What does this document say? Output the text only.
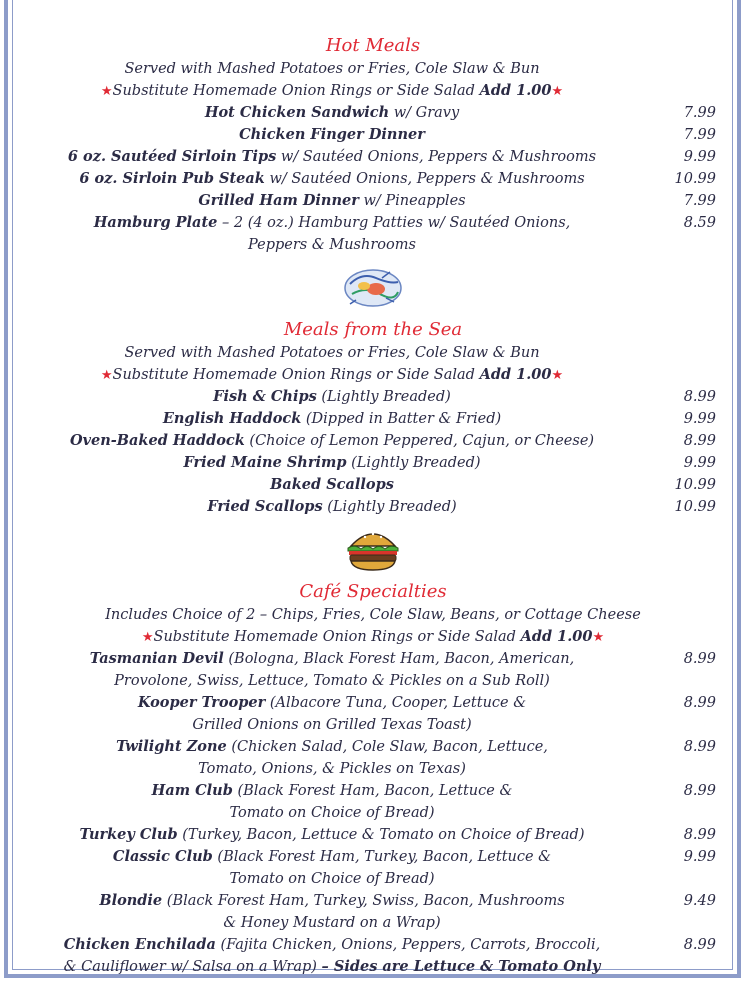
Hot Meals
Served with Mashed Potatoes or Fries, Cole Slaw & Bun
★Substitute Homemade Onion Rings or Side Salad Add 1.00★
Hot Chicken Sandwich w/ Gravy	7.99
Chicken Finger Dinner	7.99
6 oz. Sautéed Sirloin Tips w/ Sautéed Onions, Peppers & Mushrooms	9.99
6 oz. Sirloin Pub Steak w/ Sautéed Onions, Peppers & Mushrooms	10.99
Grilled Ham Dinner w/ Pineapples	7.99
Hamburg Plate – 2 (4 oz.) Hamburg Patties w/ Sautéed Onions,	8.59
Peppers & Mushrooms
Meals from the Sea
Served with Mashed Potatoes or Fries, Cole Slaw & Bun
★Substitute Homemade Onion Rings or Side Salad Add 1.00★
Fish & Chips (Lightly Breaded)	8.99
English Haddock (Dipped in Batter & Fried)	9.99
Oven-Baked Haddock (Choice of Lemon Peppered, Cajun, or Cheese)	8.99
Fried Maine Shrimp (Lightly Breaded)	9.99
Baked Scallops	10.99
Fried Scallops (Lightly Breaded)	10.99
Café Specialties
Includes Choice of 2 – Chips, Fries, Cole Slaw, Beans, or Cottage Cheese
★Substitute Homemade Onion Rings or Side Salad Add 1.00★
Tasmanian Devil (Bologna, Black Forest Ham, Bacon, American,	8.99
Provolone, Swiss, Lettuce, Tomato & Pickles on a Sub Roll)
Kooper Trooper (Albacore Tuna, Cooper, Lettuce &	8.99
Grilled Onions on Grilled Texas Toast)
Twilight Zone (Chicken Salad, Cole Slaw, Bacon, Lettuce,	8.99
Tomato, Onions, & Pickles on Texas)
Ham Club (Black Forest Ham, Bacon, Lettuce &	8.99
Tomato on Choice of Bread)
Turkey Club (Turkey, Bacon, Lettuce & Tomato on Choice of Bread)	8.99
Classic Club (Black Forest Ham, Turkey, Bacon, Lettuce &	9.99
Tomato on Choice of Bread)
Blondie (Black Forest Ham, Turkey, Swiss, Bacon, Mushrooms	9.49
& Honey Mustard on a Wrap)
Chicken Enchilada (Fajita Chicken, Onions, Peppers, Carrots, Broccoli,	8.99
& Cauliflower w/ Salsa on a Wrap) – Sides are Lettuce & Tomato Only
